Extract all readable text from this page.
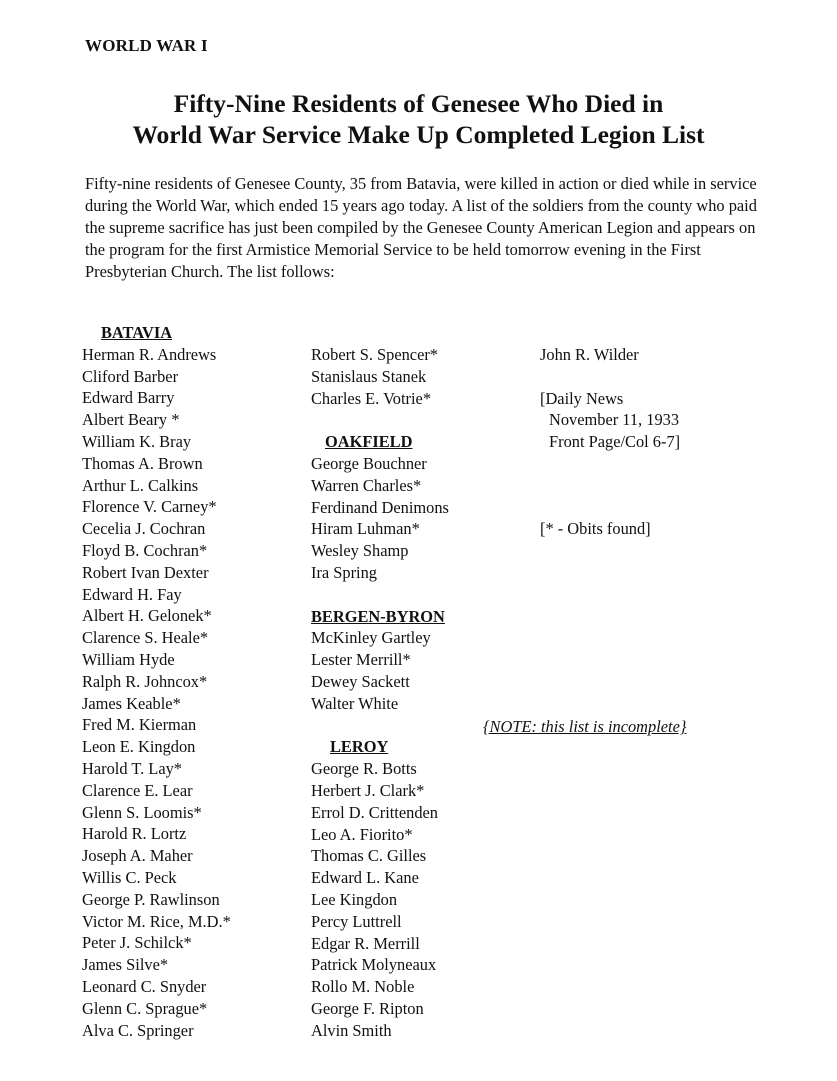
WORLD WAR I
Fifty-Nine Residents of Genesee Who Died in
World War Service Make Up Completed Legion List

Fifty-nine residents of Genesee County, 35 from Batavia, were killed in action or died while in service during the World War, which ended 15 years ago today. A list of the soldiers from the county who paid the supreme sacrifice has just been compiled by the Genesee County American Legion and appears on the program for the first Armistice Memorial Service to be held tomorrow evening in the First Presbyterian Church. The list follows:

BATAVIA
Herman R. Andrews
Cliford Barber
Edward Barry
Albert Beary *
William K. Bray
Thomas A. Brown
Arthur L. Calkins
Florence V. Carney*
Cecelia J. Cochran
Floyd B. Cochran*
Robert Ivan Dexter
Edward H. Fay
Albert H. Gelonek*
Clarence S. Heale*
William Hyde
Ralph R. Johncox*
James Keable*
Fred M. Kierman
Leon E. Kingdon
Harold T. Lay*
Clarence E. Lear
Glenn S. Loomis*
Harold R. Lortz
Joseph A. Maher
Willis C. Peck
George P. Rawlinson
Victor M. Rice, M.D.*
Peter J. Schilck*
James Silve*
Leonard C. Snyder
Glenn C. Sprague*
Alva C. Springer
Robert S. Spencer*
Stanislaus Stanek
Charles E. Votrie*
OAKFIELD
George Bouchner
Warren Charles*
Ferdinand Denimons
Hiram Luhman*
Wesley Shamp
Ira Spring
BERGEN-BYRON
McKinley Gartley
Lester Merrill*
Dewey Sackett
Walter White
LEROY
George R. Botts
Herbert J. Clark*
Errol D. Crittenden
Leo A. Fiorito*
Thomas C. Gilles
Edward L. Kane
Lee Kingdon
Percy Luttrell
Edgar R. Merrill
Patrick Molyneaux
Rollo M. Noble
George F. Ripton
Alvin Smith
John R. Wilder
[Daily News
November 11, 1933
Front Page/Col 6-7]
[* - Obits found]
{NOTE: this list is incomplete}
